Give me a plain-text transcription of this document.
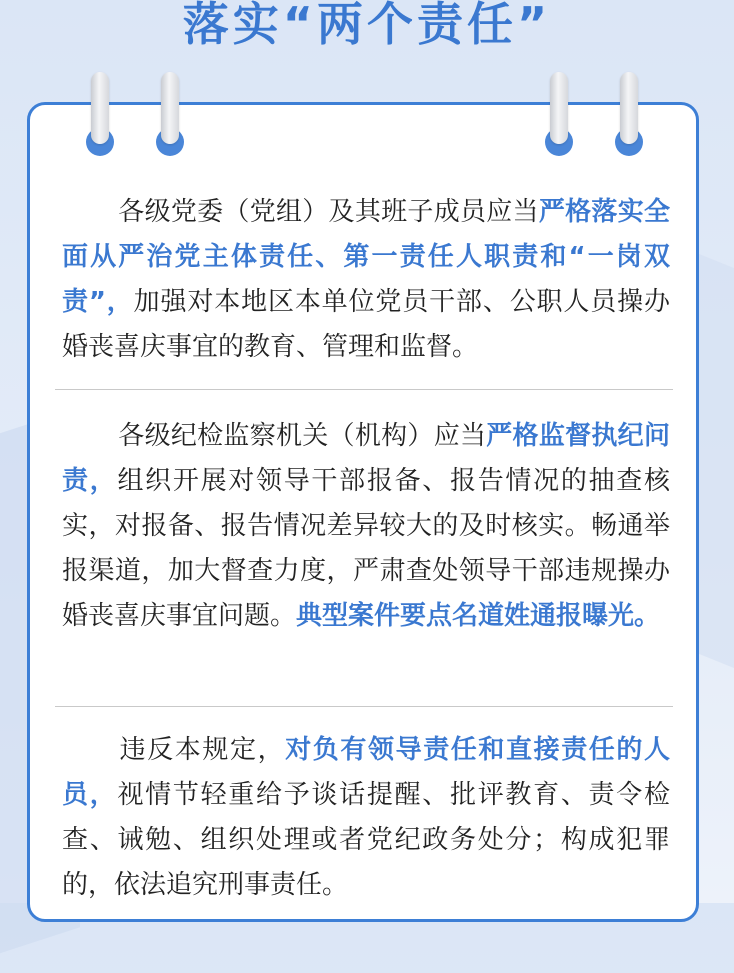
落实“两个责任”
各级党委（党组）及其班子成员应当严格落实全面从严治党主体责任、第一责任人职责和“一岗双责”，加强对本地区本单位党员干部、公职人员操办婚丧喜庆事宜的教育、管理和监督。
各级纪检监察机关（机构）应当严格监督执纪问责，组织开展对领导干部报备、报告情况的抽查核实，对报备、报告情况差异较大的及时核实。畅通举报渠道，加大督查力度，严肃查处领导干部违规操办婚丧喜庆事宜问题。典型案件要点名道姓通报曝光。
违反本规定，对负有领导责任和直接责任的人员，视情节轻重给予谈话提醒、批评教育、责令检查、诫勉、组织处理或者党纪政务处分；构成犯罪的，依法追究刑事责任。
